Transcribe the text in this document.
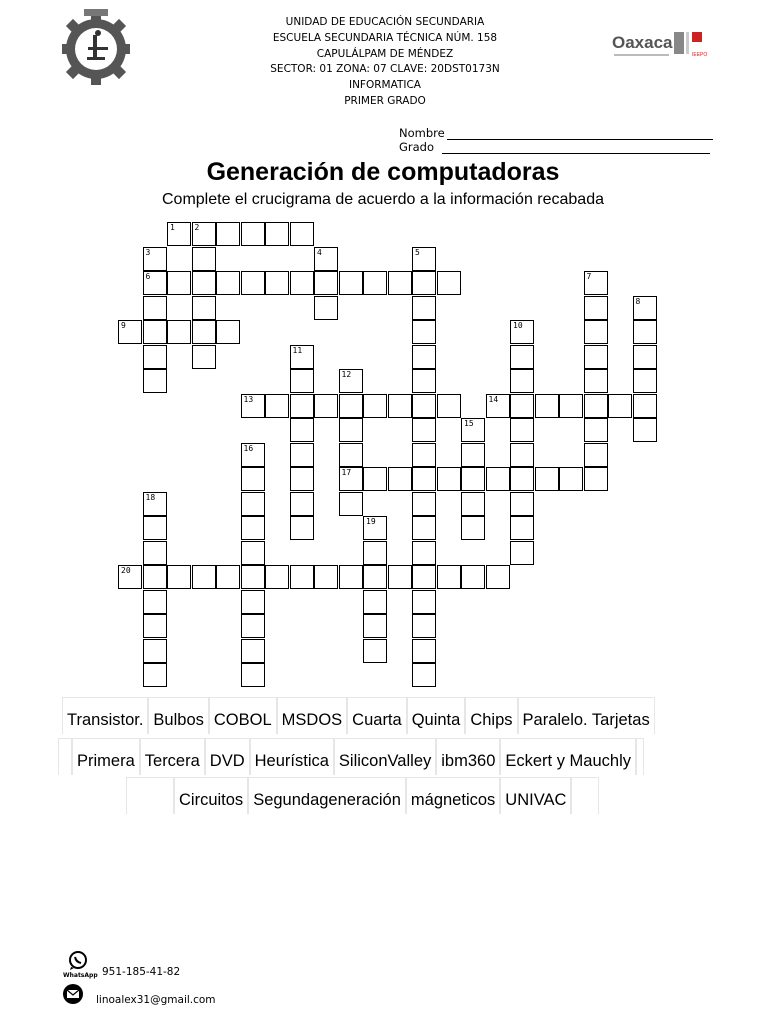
Oaxaca
IEEPO
UNIDAD DE EDUCACIÓN SECUNDARIA
ESCUELA SECUNDARIA TÉCNICA NÚM. 158
CAPULÁLPAM DE MÉNDEZ
SECTOR: 01 ZONA: 07 CLAVE: 20DST0173N
INFORMATICA
PRIMER GRADO
Nombre
Grado
Generación de computadoras
Complete el crucigrama de acuerdo a la información recabada
1 2
3
6
4	5
7
8
9	10
11
12
17
13	14
15
16
18
19
20
Transistor. Bulbos COBOL MSDOS Cuarta Quinta Chips Paralelo. Tarjetas
Primera Tercera DVD Heurística SiliconValley ibm360 Eckert y Mauchly
Circuitos Segundageneración mágneticos UNIVAC
WhatsApp 951-185-41-82
linoalex31@gmail.com
